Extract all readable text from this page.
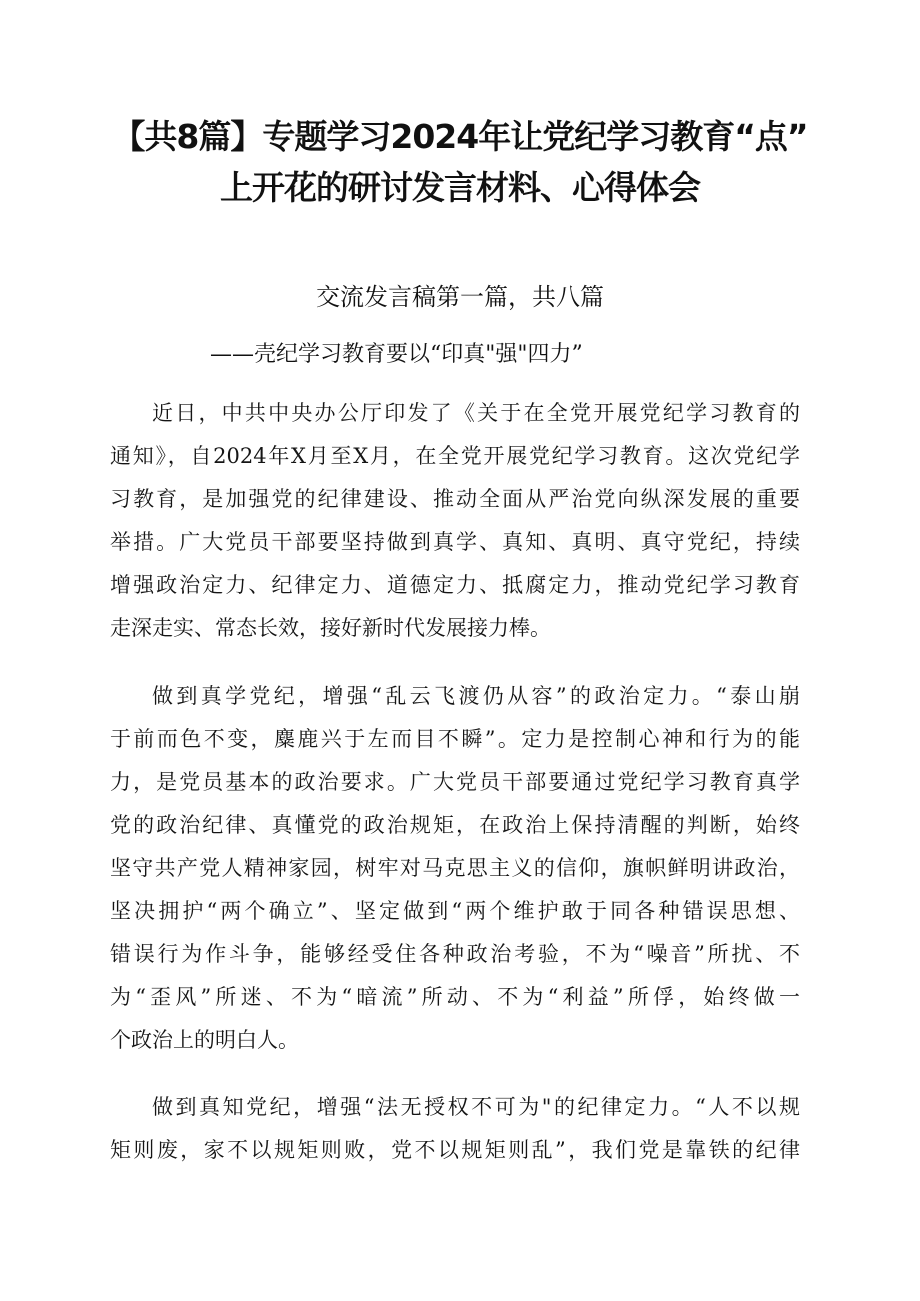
【共8篇】专题学习2024年让党纪学习教育“点”
上开花的研讨发言材料、心得体会
交流发言稿第一篇，共八篇
——壳纪学习教育要以“印真"强"四力”
近日，中共中央办公厅印发了《关于在全党开展党纪学习教育的
通知》，自2024年X月至X月，在全党开展党纪学习教育。这次党纪学
习教育，是加强党的纪律建设、推动全面从严治党向纵深发展的重要
举措。广大党员干部要坚持做到真学、真知、真明、真守党纪，持续
增强政治定力、纪律定力、道德定力、抵腐定力，推动党纪学习教育
走深走实、常态长效，接好新时代发展接力棒。
做到真学党纪，增强“乱云飞渡仍从容”的政治定力。“泰山崩
于前而色不变，麋鹿兴于左而目不瞬”。定力是控制心神和行为的能
力，是党员基本的政治要求。广大党员干部要通过党纪学习教育真学
党的政治纪律、真懂党的政治规矩，在政治上保持清醒的判断，始终
坚守共产党人精神家园，树牢对马克思主义的信仰，旗帜鲜明讲政治，
坚决拥护“两个确立”、坚定做到“两个维护敢于同各种错误思想、
错误行为作斗争，能够经受住各种政治考验，不为“噪音”所扰、不
为“歪风”所迷、不为“暗流”所动、不为“利益”所俘，始终做一
个政治上的明白人。
做到真知党纪，增强“法无授权不可为"的纪律定力。“人不以规
矩则废，家不以规矩则败，党不以规矩则乱”，我们党是靠铁的纪律
